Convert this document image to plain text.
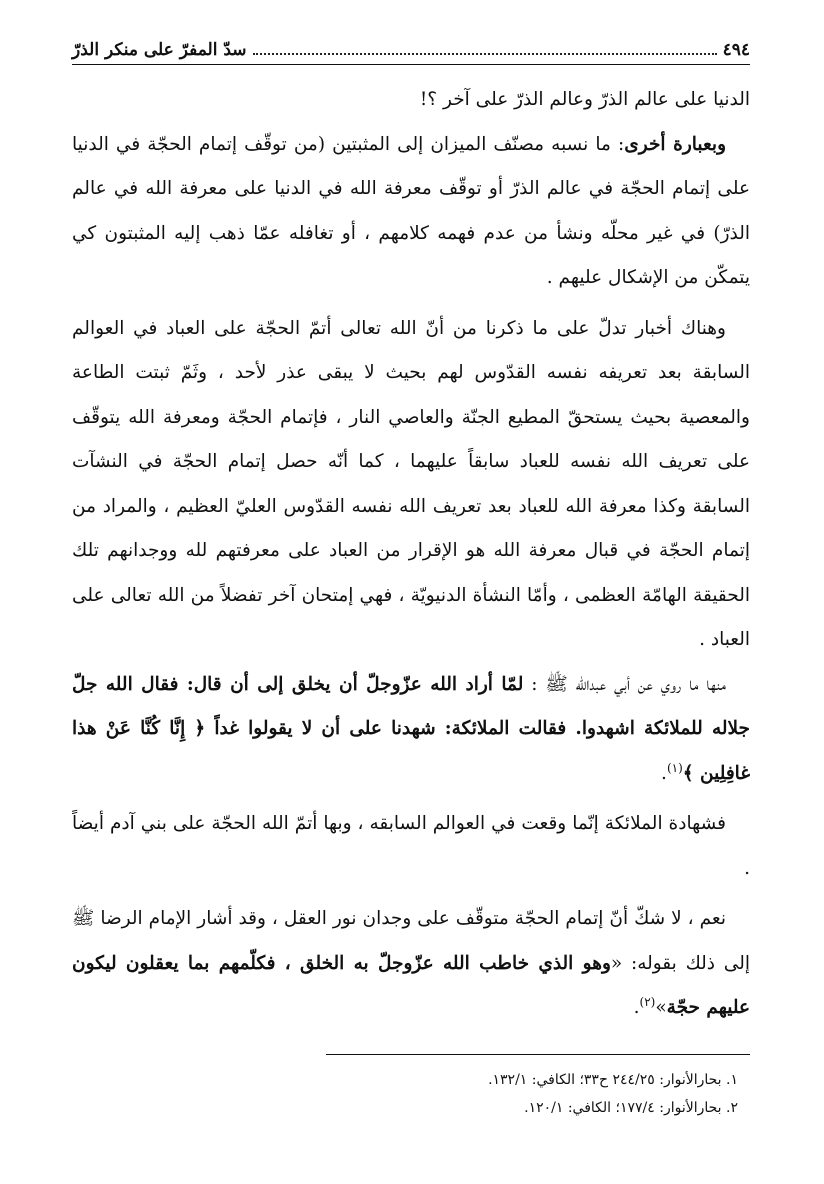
٤٩٤
سدّ المفرّ على منكر الذرّ

الدنيا على عالم الذرّ وعالم الذرّ على آخر ؟!

وبعبارة أخرى: ما نسبه مصنّف الميزان إلى المثبتين (من توقّف إتمام الحجّة في الدنيا على إتمام الحجّة في عالم الذرّ أو توقّف معرفة الله في الدنيا على معرفة الله في عالم الذرّ) في غير محلّه ونشأ من عدم فهمه كلامهم ، أو تغافله عمّا ذهب إليه المثبتون كي يتمكّن من الإشكال عليهم .

وهناك أخبار تدلّ على ما ذكرنا من أنّ الله تعالى أتمّ الحجّة على العباد في العوالم السابقة بعد تعريفه نفسه القدّوس لهم بحيث لا يبقى عذر لأحد ، وثَمّ ثبتت الطاعة والمعصية بحيث يستحقّ المطيع الجنّة والعاصي النار ، فإتمام الحجّة ومعرفة الله يتوقّف على تعريف الله نفسه للعباد سابقاً عليهما ، كما أنّه حصل إتمام الحجّة في النشآت السابقة وكذا معرفة الله للعباد بعد تعريف الله نفسه القدّوس العليّ العظيم ، والمراد من إتمام الحجّة في قبال معرفة الله هو الإقرار من العباد على معرفتهم لله ووجدانهم تلك الحقيقة الهامّة العظمى ، وأمّا النشأة الدنيويّة ، فهي إمتحان آخر تفضلاً من الله تعالى على العباد .

منها ما روي عن أبي عبدالله ﷺ : لمّا أراد الله عزّوجلّ أن يخلق إلى أن قال: فقال الله جلّ جلاله للملائكة اشهدوا. فقالت الملائكة: شهدنا على أن لا يقولوا غداً ﴿ إِنَّا كُنَّا عَنْ هذا غافِلِين ﴾$^{(١)}$.

فشهادة الملائكة إنّما وقعت في العوالم السابقه ، وبها أتمّ الله الحجّة على بني آدم أيضاً .

نعم ، لا شكّ أنّ إتمام الحجّة متوقّف على وجدان نور العقل ، وقد أشار الإمام الرضا ﷺ إلى ذلك بقوله: «وهو الذي خاطب الله عزّوجلّ به الخلق ، فكلّمهم بما يعقلون ليكون عليهم حجّة»$^{(٢)}$.

١. بحارالأنوار: ٢٤٤/٢٥ ح٣٣؛ الكافي: ١٣٢/١.
٢. بحارالأنوار: ١٧٧/٤؛ الكافي: ١٢٠/١.
